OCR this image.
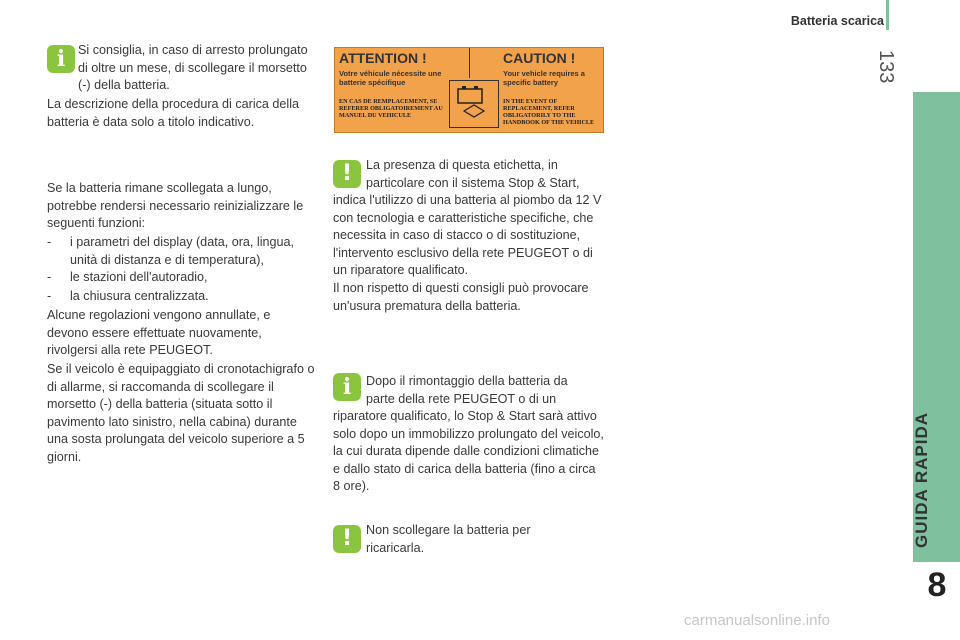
Batteria scarica
133
GUIDA RAPIDA
8
i	Si consiglia, in caso di arresto prolungato di oltre un mese, di scollegare il morsetto (-) della batteria.

La descrizione della procedura di carica della batteria è data solo a titolo indicativo.

Se la batteria rimane scollegata a lungo, potrebbe rendersi necessario reinizializzare le seguenti funzioni:

- i parametri del display (data, ora, lingua, unità di distanza e di temperatura),

- le stazioni dell'autoradio,

- la chiusura centralizzata.

Alcune regolazioni vengono annullate, e devono essere effettuate nuovamente, rivolgersi alla rete PEUGEOT.

Se il veicolo è equipaggiato di cronotachigrafo o di allarme, si raccomanda di scollegare il morsetto (-) della batteria (situata sotto il pavimento lato sinistro, nella cabina) durante una sosta prolungata del veicolo superiore a 5 giorni.

ATTENTION !	CAUTION !
Votre véhicule nécessite une batterie spécifique
Your vehicle requires a specific battery
EN CAS DE REMPLACEMENT, SE REFERER OBLIGATOIREMENT AU MANUEL DU VEHICULE
IN THE EVENT OF REPLACEMENT, REFER OBLIGATORILY TO THE HANDBOOK OF THE VEHICLE
!	La presenza di questa etichetta, in particolare con il sistema Stop & Start,

indica l'utilizzo di una batteria al piombo da 12 V con tecnologia e caratteristiche specifiche, che necessita in caso di stacco o di sostituzione, l'intervento esclusivo della rete PEUGEOT o di un riparatore qualificato.

Il non rispetto di questi consigli può provocare un'usura prematura della batteria.

i	Dopo il rimontaggio della batteria da parte della rete PEUGEOT o di un

riparatore qualificato, lo Stop & Start sarà attivo solo dopo un immobilizzo prolungato del veicolo, la cui durata dipende dalle condizioni climatiche e dallo stato di carica della batteria (fino a circa 8 ore).

!	Non scollegare la batteria per ricaricarla.

carmanualsonline.info
